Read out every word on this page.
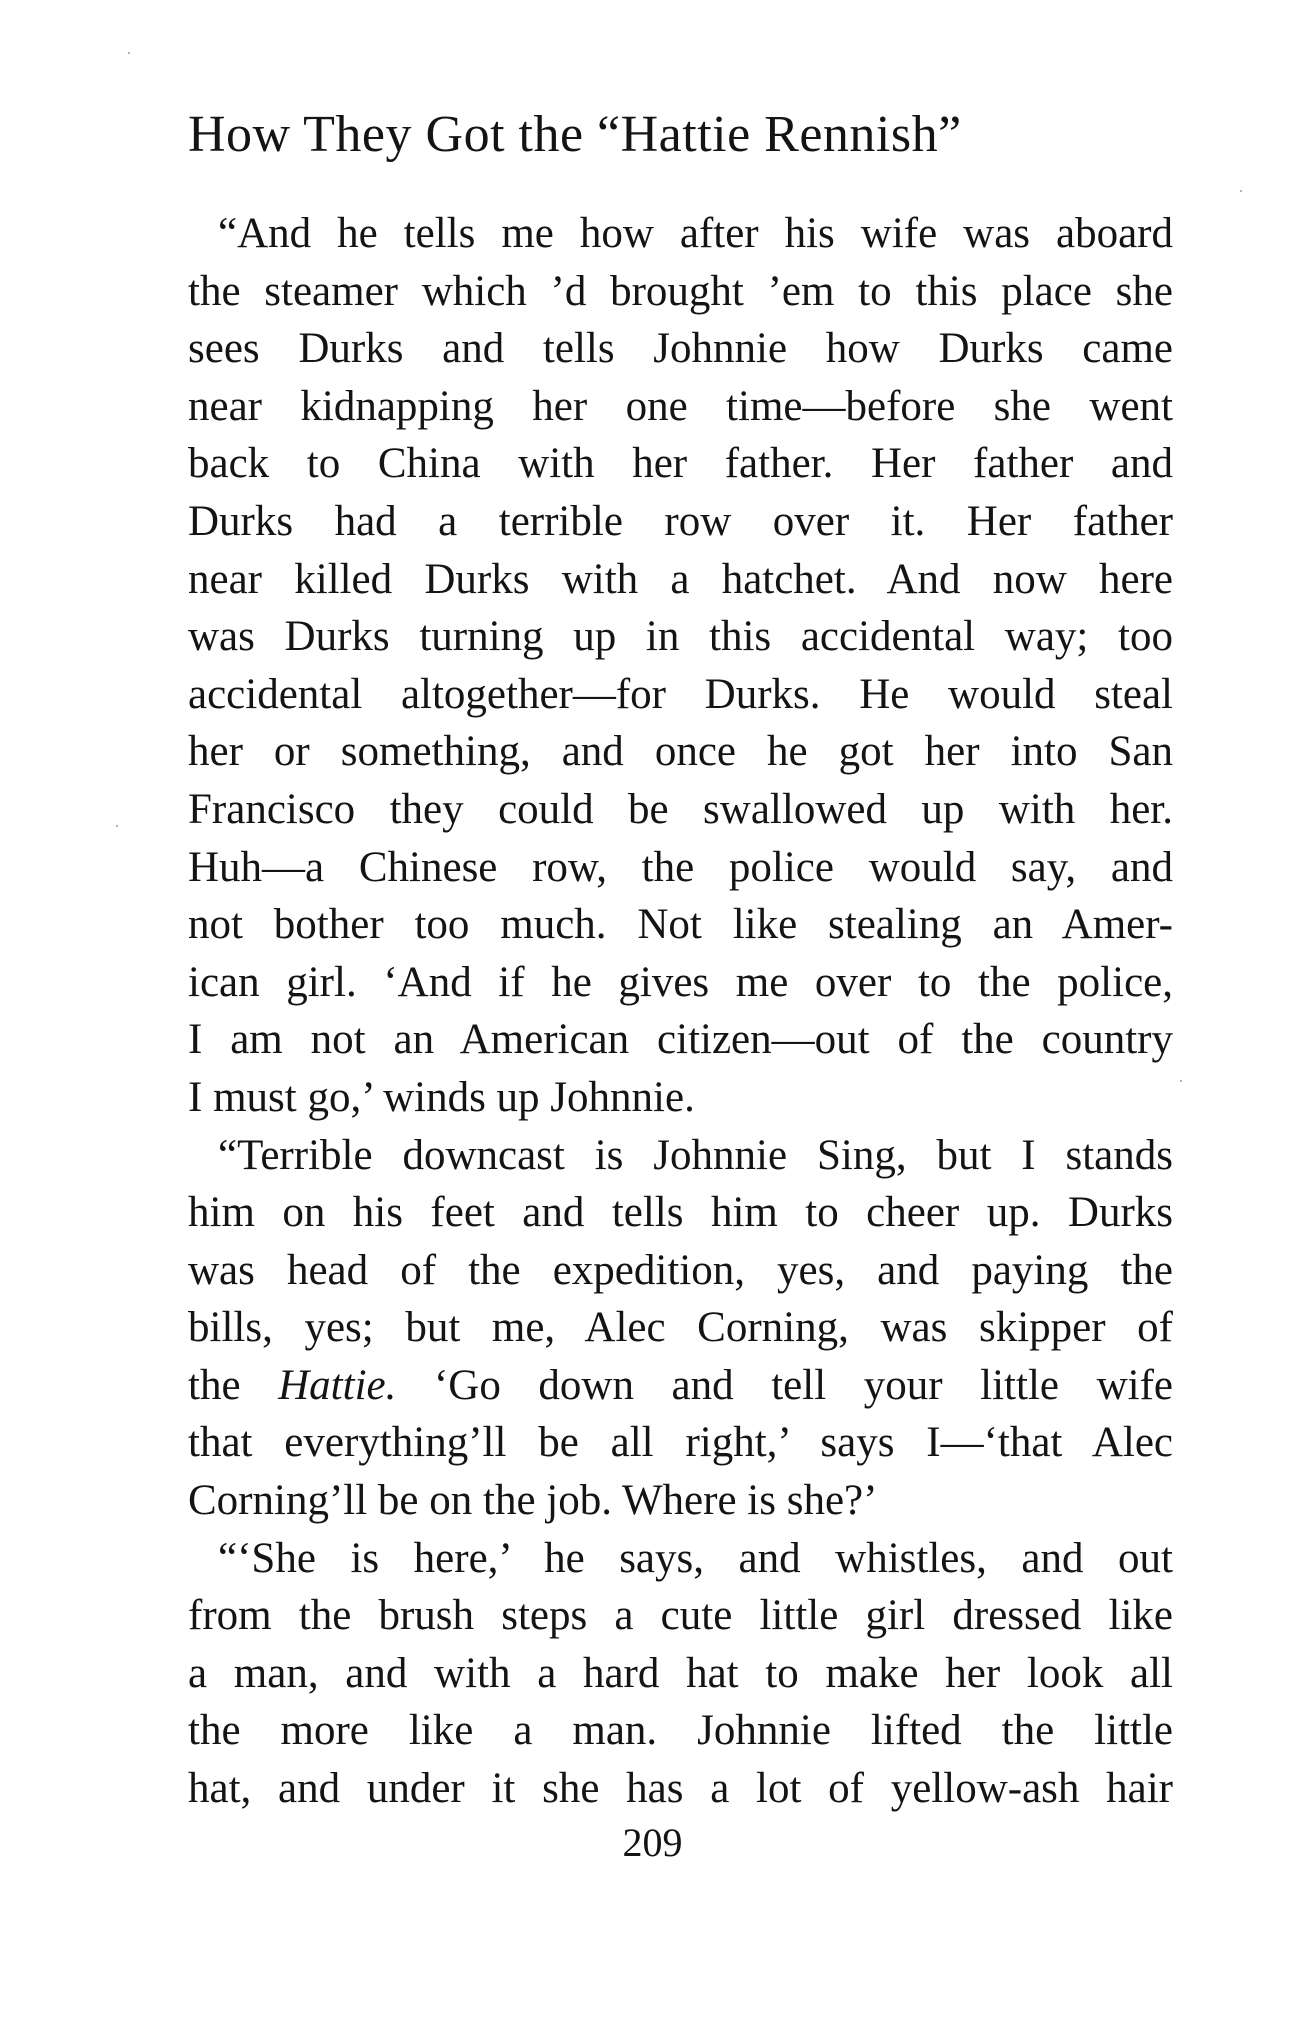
How They Got the “Hattie Rennish”
“And he tells me how after his wife was aboard
the steamer which ’d brought ’em to this place she
sees Durks and tells Johnnie how Durks came
near kidnapping her one time—before she went
back to China with her father. Her father and
Durks had a terrible row over it. Her father
near killed Durks with a hatchet. And now here
was Durks turning up in this accidental way; too
accidental altogether—for Durks. He would steal
her or something, and once he got her into San
Francisco they could be swallowed up with her.
Huh—a Chinese row, the police would say, and
not bother too much. Not like stealing an Amer-
ican girl. ‘And if he gives me over to the police,
I am not an American citizen—out of the country
I must go,’ winds up Johnnie.
“Terrible downcast is Johnnie Sing, but I stands
him on his feet and tells him to cheer up. Durks
was head of the expedition, yes, and paying the
bills, yes; but me, Alec Corning, was skipper of
the Hattie. ‘Go down and tell your little wife
that everything’ll be all right,’ says I—‘that Alec
Corning’ll be on the job. Where is she?’
“‘She is here,’ he says, and whistles, and out
from the brush steps a cute little girl dressed like
a man, and with a hard hat to make her look all
the more like a man. Johnnie lifted the little
hat, and under it she has a lot of yellow-ash hair
209
